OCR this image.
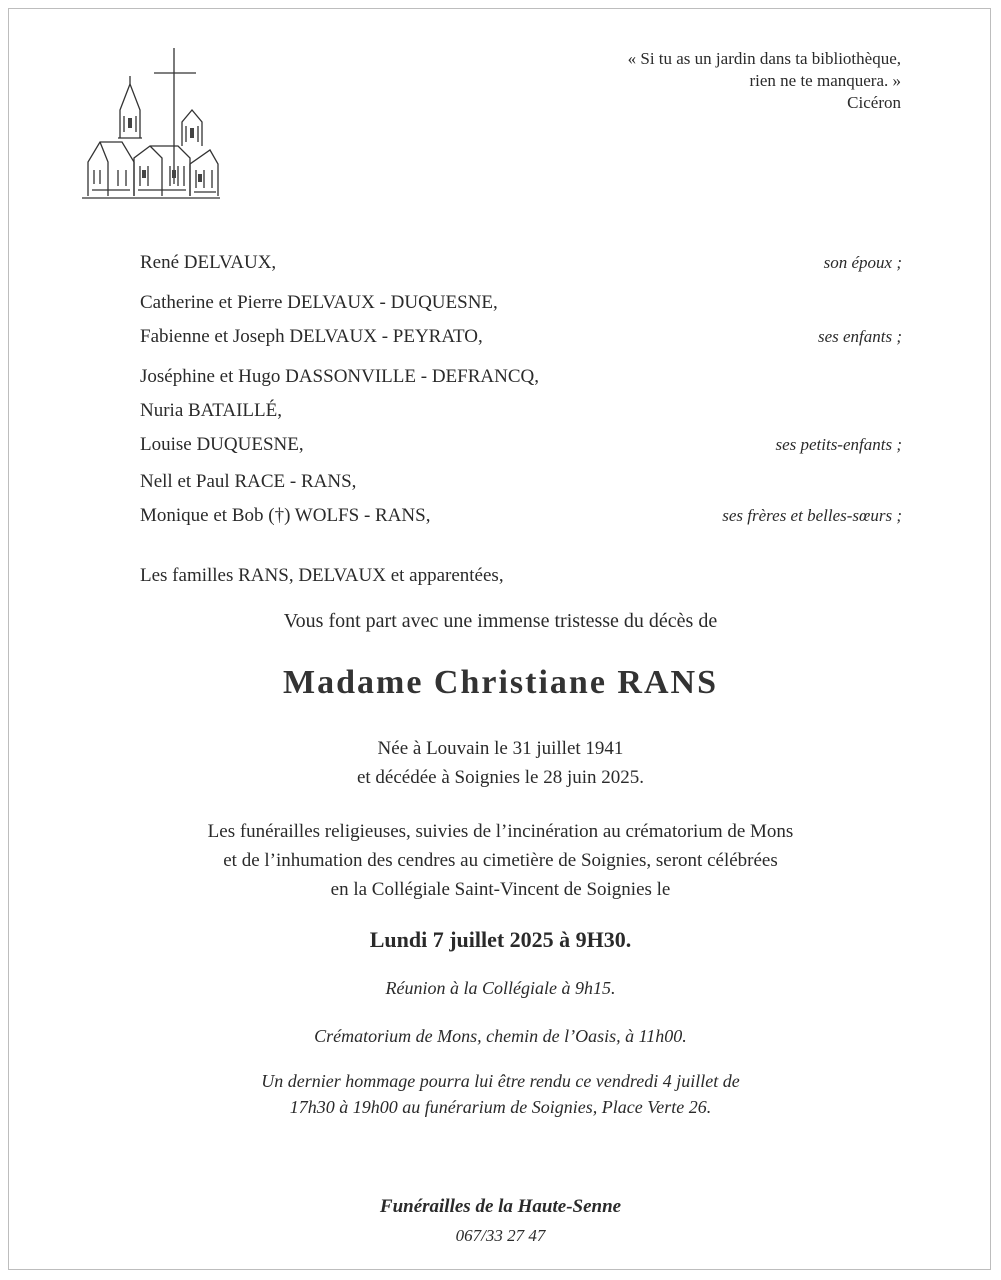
« Si tu as un jardin dans ta bibliothèque,
rien ne te manquera. »
Cicéron
René DELVAUX,	son époux ;
Catherine et Pierre DELVAUX - DUQUESNE,
Fabienne et Joseph DELVAUX - PEYRATO,	ses enfants ;
Joséphine et Hugo DASSONVILLE - DEFRANCQ,
Nuria BATAILLÉ,
Louise DUQUESNE,	ses petits-enfants ;
Nell et Paul RACE - RANS,
Monique et Bob (†) WOLFS - RANS,	ses frères et belles-sœurs ;
Les familles RANS, DELVAUX et apparentées,
Vous font part avec une immense tristesse du décès de
Madame Christiane RANS
Née à Louvain le 31 juillet 1941
et décédée à Soignies le 28 juin 2025.
Les funérailles religieuses, suivies de l’incinération au crématorium de Mons
et de l’inhumation des cendres au cimetière de Soignies, seront célébrées
en la Collégiale Saint-Vincent de Soignies le
Lundi 7 juillet 2025 à 9H30.
Réunion à la Collégiale à 9h15.
Crématorium de Mons, chemin de l’Oasis, à 11h00.
Un dernier hommage pourra lui être rendu ce vendredi 4 juillet de
17h30 à 19h00 au funérarium de Soignies, Place Verte 26.
Funérailles de la Haute-Senne
067/33 27 47
